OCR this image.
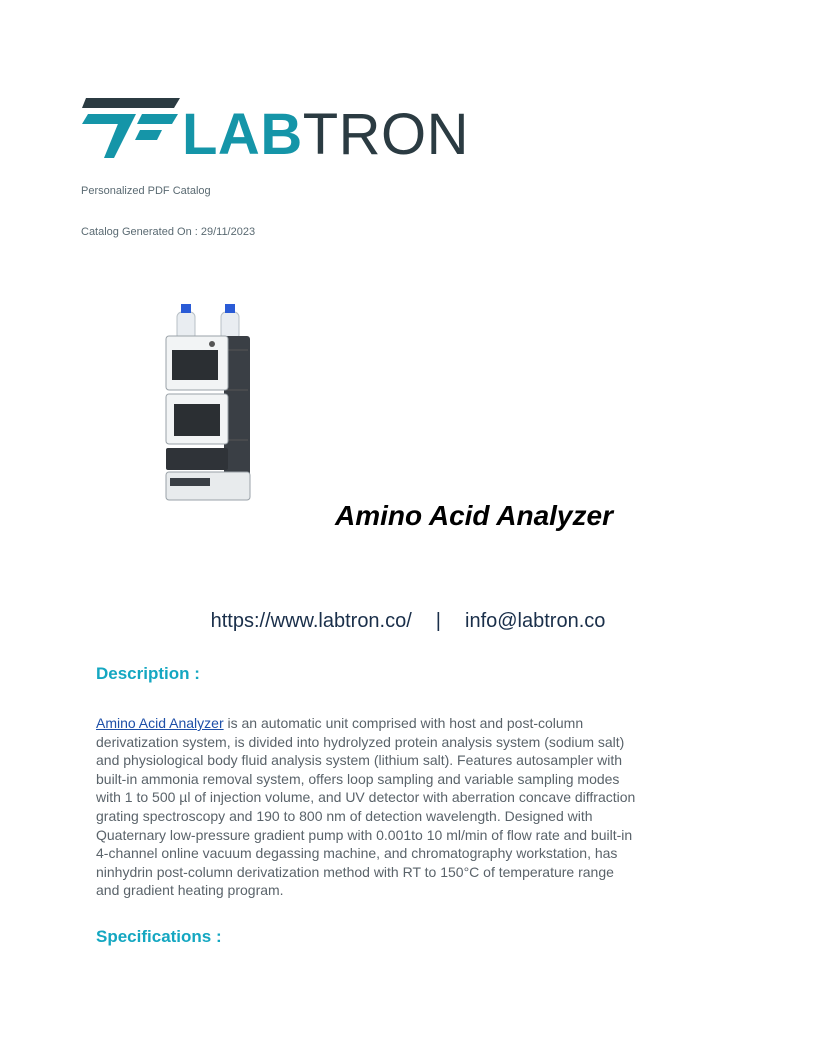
LABTRON
Personalized PDF Catalog
Catalog Generated On : 29/11/2023
Amino Acid Analyzer
https://www.labtron.co/ | info@labtron.co
Description :
Amino Acid Analyzer is an automatic unit comprised with host and post-column derivatization system, is divided into hydrolyzed protein analysis system (sodium salt) and physiological body fluid analysis system (lithium salt). Features autosampler with built-in ammonia removal system, offers loop sampling and variable sampling modes with 1 to 500 µl of injection volume, and UV detector with aberration concave diffraction grating spectroscopy and 190 to 800 nm of detection wavelength. Designed with Quaternary low-pressure gradient pump with 0.001to 10 ml/min of flow rate and built-in 4-channel online vacuum degassing machine, and chromatography workstation, has ninhydrin post-column derivatization method with RT to 150°C of temperature range and gradient heating program.
Specifications :
